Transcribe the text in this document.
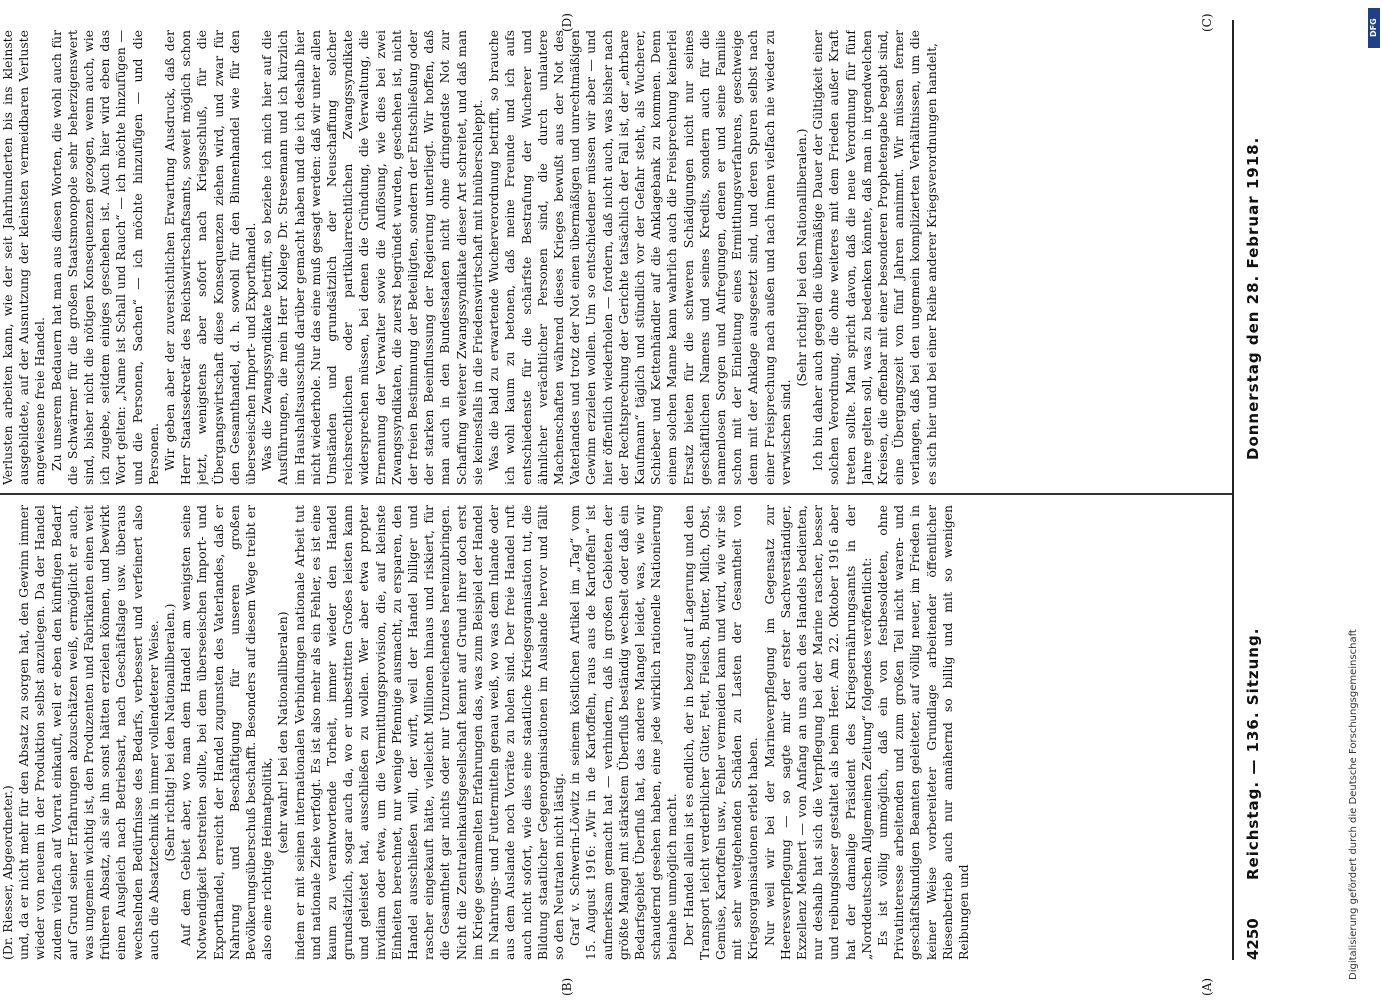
4250
Reichstag. — 136. Sitzung.
Donnerstag den 28. Februar 1918.
(A)
(B)
(C)
(D)

(Dr. Riesser, Abgeordneter.) und, da er nicht mehr für den Absatz zu sorgen hat, den Gewinn immer wieder von neuem in der Produktion selbst anzulegen. Da der Handel zudem vielfach auf Vorrat einkauft, weil er eben den künftigen Bedarf auf Grund seiner Erfahrungen abzuschätzen weiß, ermöglicht er auch, was ungemein wichtig ist, den Produzenten und Fabrikanten einen weit früheren Absatz, als sie ihn sonst hätten erzielen können, und bewirkt einen Ausgleich nach Betriebsart, nach Geschäftslage usw. überaus wechselnden Bedürfnisse des Bedarfs, verbessert und verfeinert also auch die Absatztechnik in immer vollendeterer Weise. (Sehr richtig! bei den Nationalliberalen.) Auf dem Gebiet aber, wo man dem Handel am wenigsten seine Notwendigkeit bestreiten sollte, bei dem überseeischen Import- und Exporthandel, erreicht der Handel zugunsten des Vaterlandes, daß er Nahrung und Beschäftigung für unseren großen Bevölkerungsüberschuß beschafft. Besonders auf diesem Wege treibt er also eine richtige Heimatpolitik,

(sehr wahr! bei den Nationalliberalen) indem er mit seinen internationalen Verbindungen nationale Arbeit tut und nationale Ziele verfolgt. Es ist also mehr als ein Fehler, es ist eine kaum zu verantwortende Torheit, immer wieder den Handel grundsätzlich, sogar auch da, wo er unbestritten Großes leisten kann und geleistet hat, ausschließen zu wollen. Wer aber etwa propter invidiam oder etwa, um die Vermittlungsprovision, die, auf kleinste Einheiten berechnet, nur wenige Pfennige ausmacht, zu ersparen, den Handel ausschließen will, der wirft, weil der Handel billiger und rascher eingekauft hätte, vielleicht Millionen hinaus und riskiert, für die Gesamtheit gar nichts oder nur Unzureichendes hereinzubringen. Nicht die Zentraleinkaufsgesellschaft kennt auf Grund ihrer doch erst im Kriege gesammelten Erfahrungen das, was zum Beispiel der Handel in Nahrungs- und Futtermitteln genau weiß, wo was dem Inlande oder aus dem Auslande noch Vorräte zu holen sind. Der freie Handel ruft auch nicht sofort, wie dies eine staatliche Kriegsorganisation tut, die Bildung staatlicher Gegenorganisationen im Auslande hervor und fällt so den Neutralen nicht lästig. Graf v. Schwerin-Löwitz in seinem köstlichen Artikel im „Tag“ vom 15. August 1916: „Wir in de Kartoffeln, raus aus de Kartoffeln“ ist aufmerksam gemacht hat — verhindern, daß in großen Gebieten der größte Mangel mit stärkstem Überfluß beständig wechselt oder daß ein Bedarfsgebiet Überfluß hat, das andere Mangel leidet, was, wie wir schaudernd gesehen haben, eine jede wirklich rationelle Nationierung beinahe unmöglich macht. Der Handel allein ist es endlich, der in bezug auf Lagerung und den Transport leicht verderblicher Güter, Fett, Fleisch, Butter, Milch, Obst, Gemüse, Kartoffeln usw., Fehler vermeiden kann und wird, wie wir sie mit sehr weitgehenden Schäden zu Lasten der Gesamtheit von Kriegsorganisationen erlebt haben. Nur weil wir bei der Marineverpflegung im Gegensatz zur Heeresverpflegung — so sagte mir der erster Sachverständiger, Exzellenz Mehnert — von Anfang an uns auch des Handels bedienten, nur deshalb hat sich die Verpflegung bei der Marine rascher, besser und reibungsloser gestaltet als beim Heer. Am 22. Oktober 1916 aber hat der damalige Präsident des Kriegsernährungsamts in der „Norddeutschen Allgemeinen Zeitung“ folgendes veröffentlicht: Es ist völlig unmöglich, daß ein von festbesoldeten, ohne Privatinteresse arbeitenden und zum großen Teil nicht waren- und geschäftskundigen Beamten geleiteter, auf völlig neuer, im Frieden in keiner Weise vorbereiteter Grundlage arbeitender öffentlicher Riesenbetrieb auch nur annähernd so billig und mit so wenigen Reibungen und

Verlusten arbeiten kann, wie der seit Jahrhunderten bis ins kleinste ausgebildete, auf der Ausnutzung der kleinsten vermeidbaren Verluste angewiesene freie Handel. Zu unserem Bedauern hat man aus diesen Worten, die wohl auch für die Schwärmer für die großen Staatsmonopole sehr beherzigenswert sind, bisher nicht die nötigen Konsequenzen gezogen, wenn auch, wie ich zugebe, seitdem einiges geschehen ist. Auch hier wird eben das Wort gelten: „Name ist Schall und Rauch“ — ich möchte hinzufügen — und die Personen, Sachen“ — ich möchte hinzufügen — und die Personen. Wir geben aber der zuversichtlichen Erwartung Ausdruck, daß der Herr Staatssekretär des Reichswirtschaftsamts, soweit möglich schon jetzt, wenigstens aber sofort nach Kriegsschluß, für die Übergangswirtschaft diese Konsequenzen ziehen wird, und zwar für den Gesamthandel, d. h. sowohl für den Binnenhandel wie für den überseeischen Import- und Exporthandel. Was die Zwangssyndikate betrifft, so beziehe ich mich hier auf die Ausführungen, die mein Herr Kollege Dr. Stresemann und ich kürzlich im Haushaltsausschuß darüber gemacht haben und die ich deshalb hier nicht wiederhole. Nur das eine muß gesagt werden: daß wir unter allen Umständen und grundsätzlich der Neuschaffung solcher reichsrechtlichen oder partikularrechtlichen Zwangssyndikate widersprechen müssen, bei denen die Gründung, die Verwaltung, die Ernennung der Verwalter sowie die Auflösung, wie dies bei zwei Zwangssyndikaten, die zuerst begründet wurden, geschehen ist, nicht der freien Bestimmung der Beteiligten, sondern der Entschließung oder der starken Beeinflussung der Regierung unterliegt. Wir hoffen, daß man auch in den Bundesstaaten nicht ohne dringendste Not zur Schaffung weiterer Zwangssyndikate dieser Art schreitet, und daß man sie keinesfalls in die Friedenswirtschaft mit hinüberschleppt. Was die bald zu erwartende Wucherverordnung betrifft, so brauche ich wohl kaum zu betonen, daß meine Freunde und ich aufs entschiedenste für die schärfste Bestrafung der Wucherer und ähnlicher verächtlicher Personen sind, die durch unlautere Machenschaften während dieses Krieges bewußt aus der Not des Vaterlandes und trotz der Not einen übermäßigen und unrechtmäßigen Gewinn erzielen wollen. Um so entschiedener müssen wir aber — und hier öffentlich wiederholen — fordern, daß nicht auch, was bisher nach der Rechtsprechung der Gerichte tatsächlich der Fall ist, der „ehrbare Kaufmann“ täglich und stündlich vor der Gefahr steht, als Wucherer, Schieber und Kettenhändler auf die Anklagebank zu kommen. Denn einem solchen Manne kann wahrlich auch die Freisprechung keinerlei Ersatz bieten für die schweren Schädigungen nicht nur seines geschäftlichen Namens und seines Kredits, sondern auch für die namenlosen Sorgen und Aufregungen, denen er und seine Familie schon mit der Einleitung eines Ermittlungsverfahrens, geschweige denn mit der Anklage ausgesetzt sind, und deren Spuren selbst nach einer Freisprechung nach außen und nach innen vielfach nie wieder zu verwischen sind.

(Sehr richtig! bei den Nationalliberalen.) Ich bin daher auch gegen die übermäßige Dauer der Gültigkeit einer solchen Verordnung, die ohne weiteres mit dem Frieden außer Kraft treten sollte. Man spricht davon, daß die neue Verordnung für fünf Jahre gelten soll, was zu bedenken könnte, daß man in irgendwelchen Kreisen, die offenbar mit einer besonderen Prophetengabe begabt sind, eine Übergangszeit von fünf Jahren annimmt. Wir müssen ferner verlangen, daß bei den ungemein komplizierten Verhältnissen, um die es sich hier und bei einer Reihe anderer Kriegsverordnungen handelt,

Digitalisierung gefördert durch die Deutsche Forschungsgemeinschaft
DFG
